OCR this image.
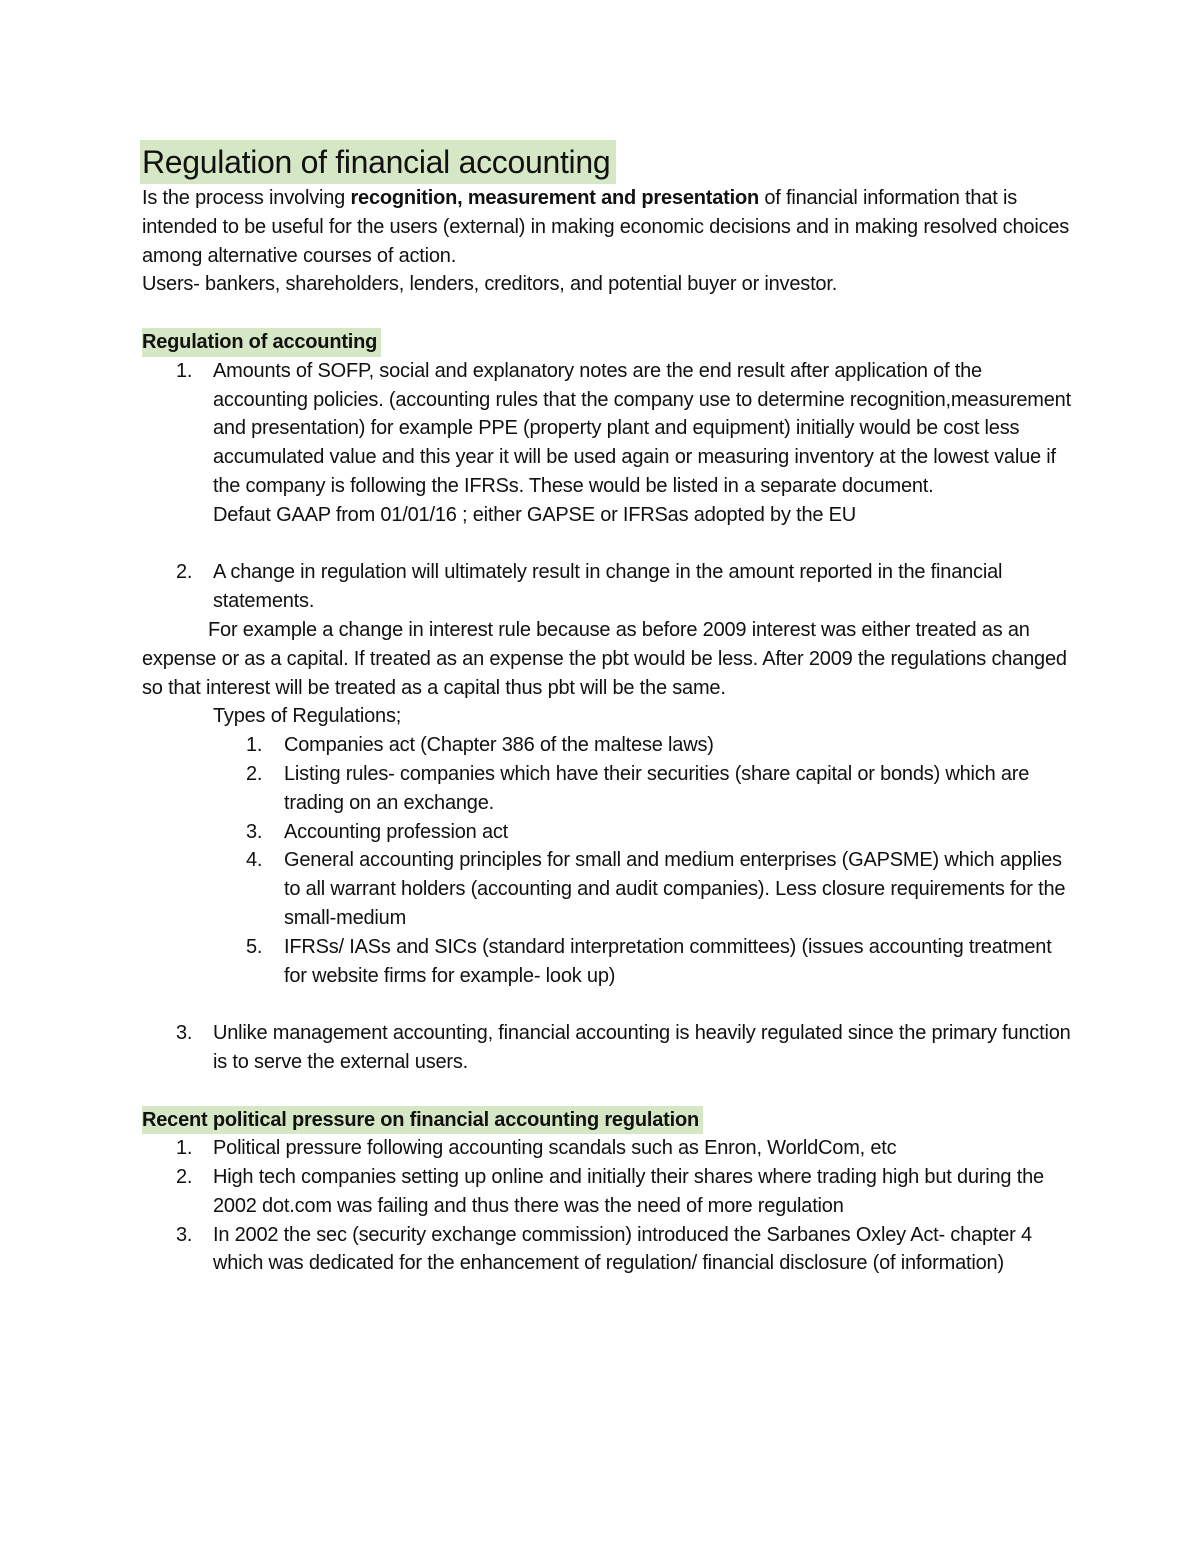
Regulation of financial accounting

Is the process involving recognition, measurement and presentation of financial information that is intended to be useful for the users (external) in making economic decisions and in making resolved choices among alternative courses of action.

Users- bankers, shareholders, lenders, creditors, and potential buyer or investor.

Regulation of accounting
1. Amounts of SOFP, social and explanatory notes are the end result after application of the accounting policies. (accounting rules that the company use to determine recognition,measurement and presentation) for example PPE (property plant and equipment) initially would be cost less accumulated value and this year it will be used again or measuring inventory at the lowest value if the company is following the IFRSs. These would be listed in a separate document.

Defaut GAAP from 01/01/16 ; either GAPSE or IFRSas adopted by the EU

2. A change in regulation will ultimately result in change in the amount reported in the financial statements.

For example a change in interest rule because as before 2009 interest was either treated as an expense or as a capital. If treated as an expense the pbt would be less. After 2009 the regulations changed so that interest will be treated as a capital thus pbt will be the same.

Types of Regulations;

1. Companies act (Chapter 386 of the maltese laws)

2. Listing rules- companies which have their securities (share capital or bonds) which are trading on an exchange.

3. Accounting profession act

4. General accounting principles for small and medium enterprises (GAPSME) which applies to all warrant holders (accounting and audit companies). Less closure requirements for the small-medium

5. IFRSs/ IASs and SICs (standard interpretation committees) (issues accounting treatment for website firms for example- look up)

3. Unlike management accounting, financial accounting is heavily regulated since the primary function is to serve the external users.

Recent political pressure on financial accounting regulation
1. Political pressure following accounting scandals such as Enron, WorldCom, etc

2. High tech companies setting up online and initially their shares where trading high but during the 2002 dot.com was failing and thus there was the need of more regulation

3. In 2002 the sec (security exchange commission) introduced the Sarbanes Oxley Act- chapter 4 which was dedicated for the enhancement of regulation/ financial disclosure (of information)
